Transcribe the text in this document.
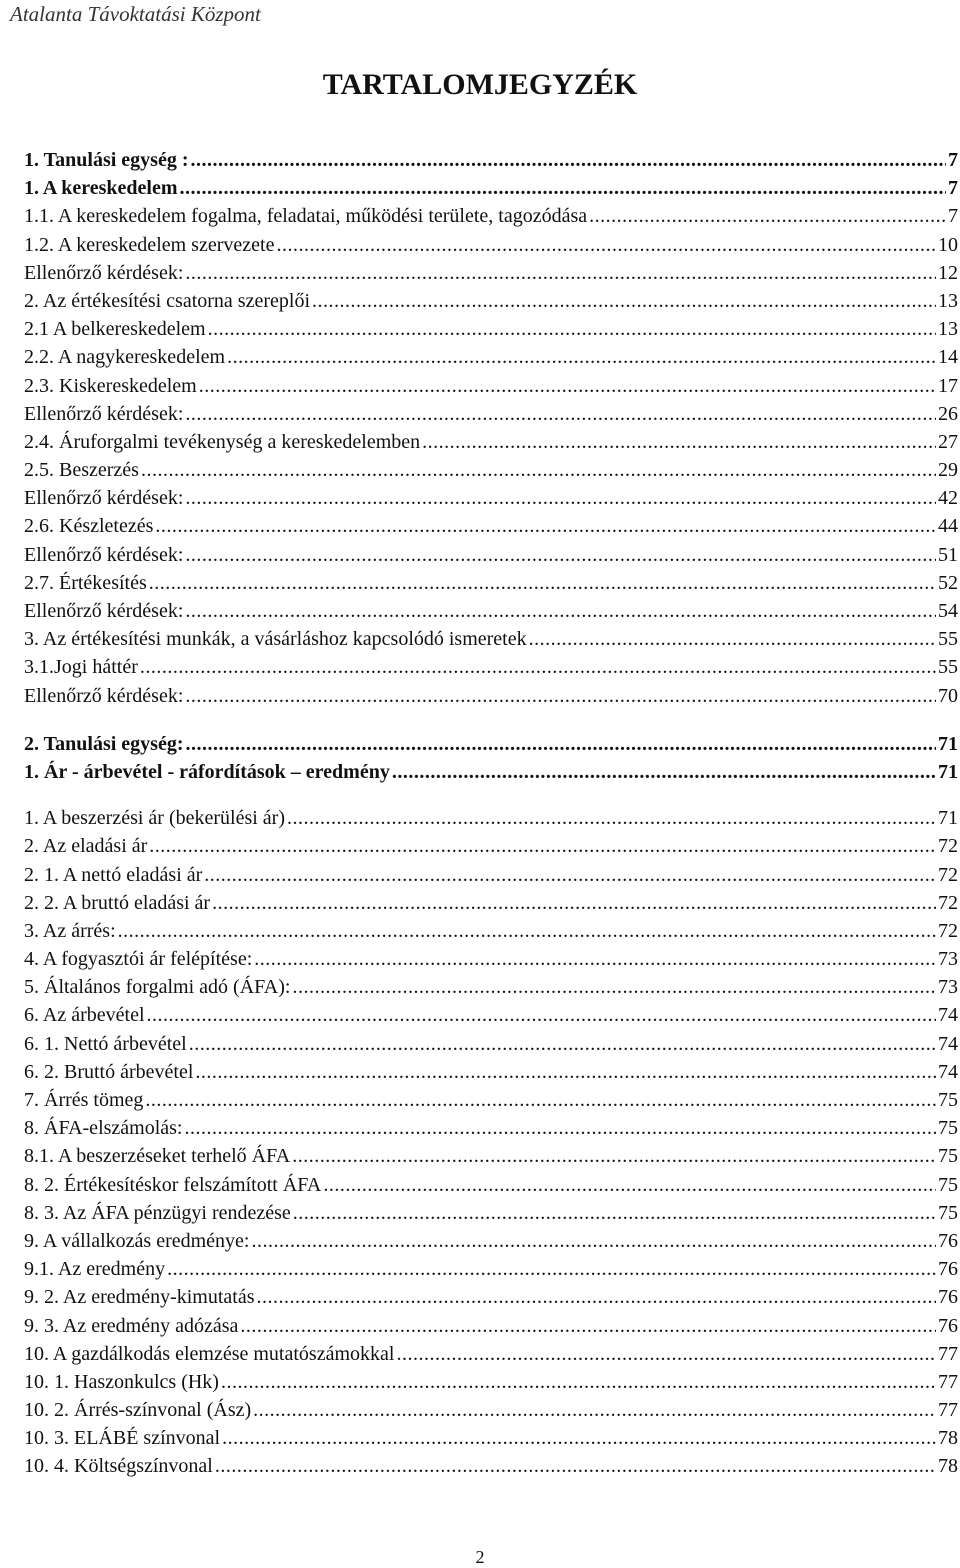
Atalanta Távoktatási Központ
TARTALOMJEGYZÉK
1. Tanulási egység : .....	7
1. A kereskedelem .....	7
1.1. A kereskedelem fogalma, feladatai, működési területe, tagozódása .....	7
1.2. A kereskedelem szervezete .....	10
Ellenőrző kérdések: .....	12
2. Az értékesítési csatorna szereplői .....	13
2.1 A belkereskedelem .....	13
2.2. A nagykereskedelem .....	14
2.3. Kiskereskedelem .....	17
Ellenőrző kérdések: .....	26
2.4. Áruforgalmi tevékenység a kereskedelemben .....	27
2.5. Beszerzés .....	29
Ellenőrző kérdések: .....	42
2.6. Készletezés .....	44
Ellenőrző kérdések: .....	51
2.7. Értékesítés .....	52
Ellenőrző kérdések: .....	54
3. Az értékesítési munkák, a vásárláshoz kapcsolódó ismeretek .....	55
3.1.Jogi háttér .....	55
Ellenőrző kérdések: .....	70
2. Tanulási egység: .....	71
1. Ár - árbevétel - ráfordítások – eredmény .....	71
1. A beszerzési ár (bekerülési ár) .....	71
2. Az eladási ár .....	72
2. 1. A nettó eladási ár .....	72
2. 2. A bruttó eladási ár .....	72
3. Az árrés: .....	72
4. A fogyasztói ár felépítése: .....	73
5. Általános forgalmi adó (ÁFA): .....	73
6. Az árbevétel .....	74
6. 1. Nettó árbevétel .....	74
6. 2. Bruttó árbevétel .....	74
7. Árrés tömeg .....	75
8. ÁFA-elszámolás: .....	75
8.1. A beszerzéseket terhelő ÁFA .....	75
8. 2. Értékesítéskor felszámított ÁFA .....	75
8. 3. Az ÁFA pénzügyi rendezése .....	75
9. A vállalkozás eredménye: .....	76
9.1. Az eredmény .....	76
9. 2. Az eredmény-kimutatás .....	76
9. 3. Az eredmény adózása .....	76
10. A gazdálkodás elemzése mutatószámokkal .....	77
10. 1. Haszonkulcs (Hk) .....	77
10. 2. Árrés-színvonal (Ász) .....	77
10. 3. ELÁBÉ színvonal .....	78
10. 4. Költségszínvonal .....	78
2
